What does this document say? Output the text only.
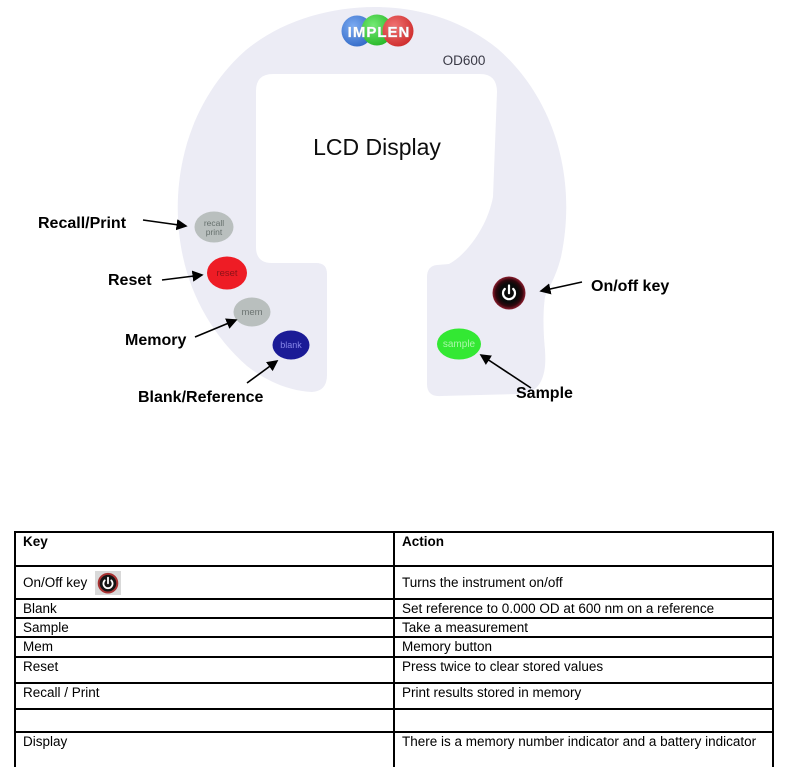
IMPLEN
OD600
LCD Display
recall
print
reset
mem
blank	sample
Recall/Print
Reset
Memory
Blank/Reference
On/off key
Sample
Key	Action

On/Off key	Turns the instrument on/off
Blank	Set reference to 0.000 OD at 600 nm on a reference
Sample	Take a measurement
Mem	Memory button
Reset	Press twice to clear stored values
Recall / Print	Print results stored in memory

Display	There is a memory number indicator and a battery indicator
